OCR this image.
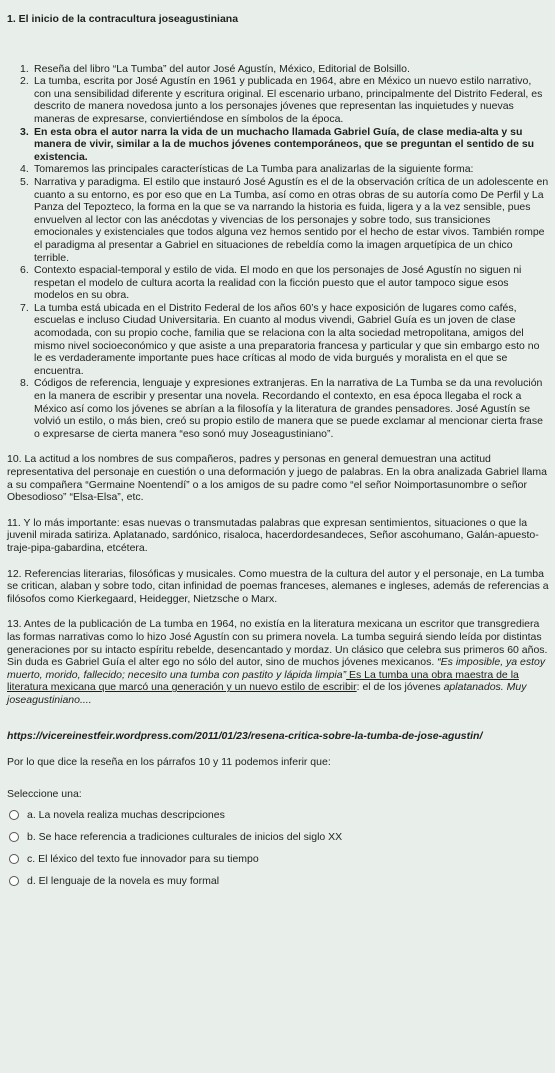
1. El inicio de la contracultura joseagustiniana
1. Reseña del libro “La Tumba” del autor José Agustín, México, Editorial de Bolsillo.
2. La tumba, escrita por José Agustín en 1961 y publicada en 1964, abre en México un nuevo estilo narrativo, con una sensibilidad diferente y escritura original. El escenario urbano, principalmente del Distrito Federal, es descrito de manera novedosa junto a los personajes jóvenes que representan las inquietudes y nuevas maneras de expresarse, conviertiéndose en símbolos de la época.
3. En esta obra el autor narra la vida de un muchacho llamada Gabriel Guía, de clase media-alta y su manera de vivir, similar a la de muchos jóvenes contemporáneos, que se preguntan el sentido de su existencia.
4. Tomaremos las principales características de La Tumba para analizarlas de la siguiente forma:
5. Narrativa y paradigma. El estilo que instauró José Agustín es el de la observación crítica de un adolescente en cuanto a su entorno, es por eso que en La Tumba, así como en otras obras de su autoría como De Perfil y La Panza del Tepozteco, la forma en la que se va narrando la historia es fuida, ligera y a la vez sensible, pues envuelven al lector con las anécdotas y vivencias de los personajes y sobre todo, sus transiciones emocionales y existenciales que todos alguna vez hemos sentido por el hecho de estar vivos. También rompe el paradigma al presentar a Gabriel en situaciones de rebeldía como la imagen arquetípica de un chico terrible.
6. Contexto espacial-temporal y estilo de vida. El modo en que los personajes de José Agustín no siguen ni respetan el modelo de cultura acorta la realidad con la ficción puesto que el autor tampoco sigue esos modelos en su obra.
7. La tumba está ubicada en el Distrito Federal de los años 60’s y hace exposición de lugares como cafés, escuelas e incluso Ciudad Universitaria. En cuanto al modus vivendi, Gabriel Guía es un joven de clase acomodada, con su propio coche, familia que se relaciona con la alta sociedad metropolitana, amigos del mismo nivel socioeconómico y que asiste a una preparatoria francesa y particular y que sin embargo esto no le es verdaderamente importante pues hace críticas al modo de vida burgués y moralista en el que se encuentra.
8. Códigos de referencia, lenguaje y expresiones extranjeras. En la narrativa de La Tumba se da una revolución en la manera de escribir y presentar una novela. Recordando el contexto, en esa época llegaba el rock a México así como los jóvenes se abrían a la filosofía y la literatura de grandes pensadores. José Agustín se volvió un estilo, o más bien, creó su propio estilo de manera que se puede exclamar al mencionar cierta frase o expresarse de cierta manera “eso sonó muy Joseagustiniano”.
10. La actitud a los nombres de sus compañeros, padres y personas en general demuestran una actitud representativa del personaje en cuestión o una deformación y juego de palabras. En la obra analizada Gabriel llama a su compañera “Germaine Noentendí” o a los amigos de su padre como “el señor Noimportasunombre o señor Obesodioso” “Elsa-Elsa”, etc.
11. Y lo más importante: esas nuevas o transmutadas palabras que expresan sentimientos, situaciones o que la juvenil mirada satiriza. Aplatanado, sardónico, risaloca, hacerdordesandeces, Señor ascohumano, Galán-apuesto-traje-pipa-gabardina, etcétera.
12. Referencias literarias, filosóficas y musicales. Como muestra de la cultura del autor y el personaje, en La tumba se critican, alaban y sobre todo, citan infinidad de poemas franceses, alemanes e ingleses, además de referencias a filósofos como Kierkegaard, Heidegger, Nietzsche o Marx.
13. Antes de la publicación de La tumba en 1964, no existía en la literatura mexicana un escritor que transgrediera las formas narrativas como lo hizo José Agustín con su primera novela. La tumba seguirá siendo leída por distintas generaciones por su intacto espíritu rebelde, desencantado y mordaz. Un clásico que celebra sus primeros 60 años. Sin duda es Gabriel Guía el alter ego no sólo del autor, sino de muchos jóvenes mexicanos. “Es imposible, ya estoy muerto, morido, fallecido; necesito una tumba con pastito y lápida limpia” Es La tumba una obra maestra de la literatura mexicana que marcó una generación y un nuevo estilo de escribir: el de los jóvenes aplatanados. Muy joseagustiniano....
https://vicereinestfeir.wordpress.com/2011/01/23/resena-critica-sobre-la-tumba-de-jose-agustin/
Por lo que dice la reseña en los párrafos 10 y 11 podemos inferir que:
Seleccione una:
a. La novela realiza muchas descripciones
b. Se hace referencia a tradiciones culturales de inicios del siglo XX
c. El léxico del texto fue innovador para su tiempo
d. El lenguaje de la novela es muy formal
